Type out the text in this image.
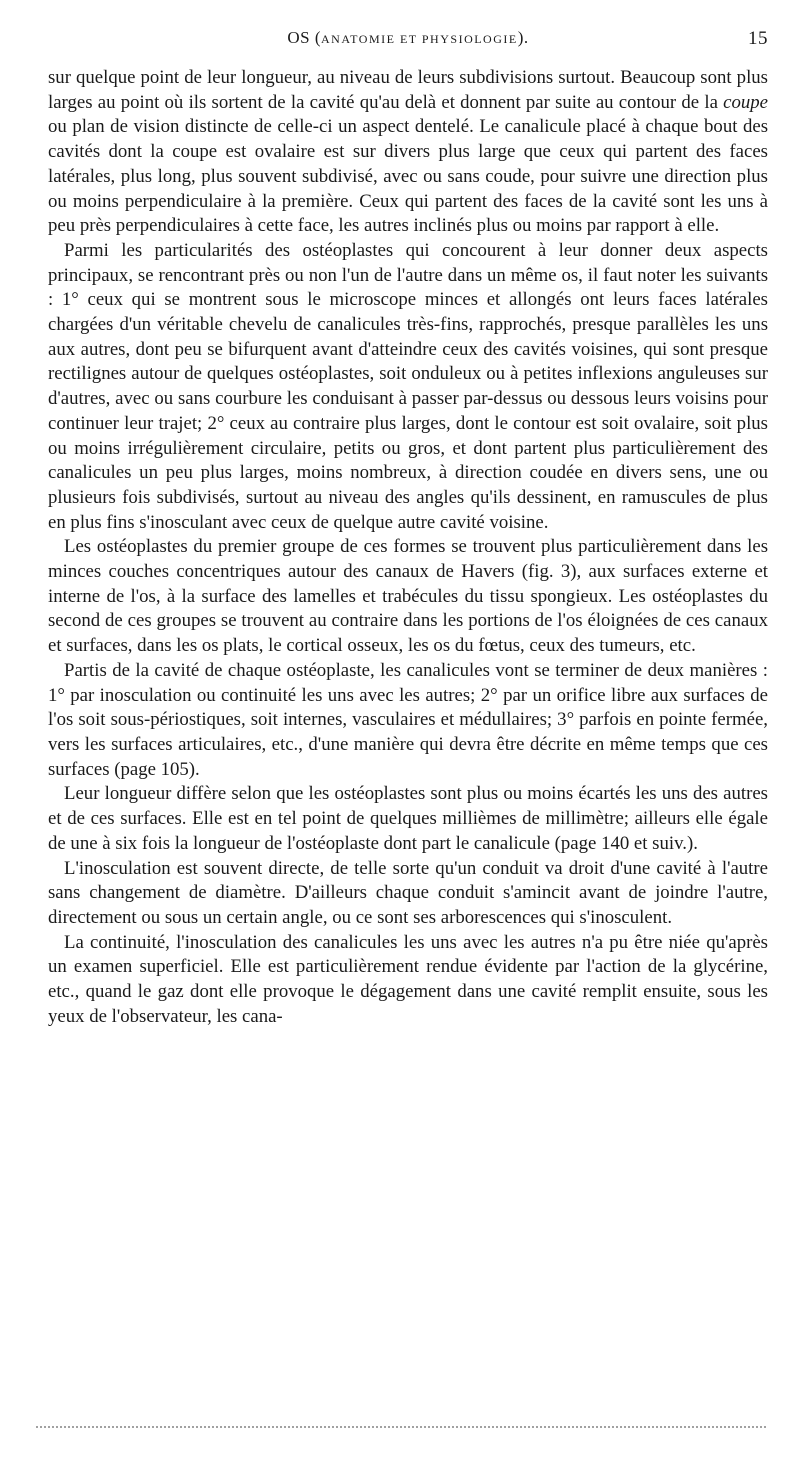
OS (ANATOMIE ET PHYSIOLOGIE).	15

sur quelque point de leur longueur, au niveau de leurs subdivisions surtout. Beaucoup sont plus larges au point où ils sortent de la cavité qu'au delà et donnent par suite au contour de la coupe ou plan de vision distincte de celle-ci un aspect dentelé. Le canalicule placé à chaque bout des cavités dont la coupe est ovalaire est sur divers plus large que ceux qui partent des faces latérales, plus long, plus souvent subdivisé, avec ou sans coude, pour suivre une direction plus ou moins perpendiculaire à la première. Ceux qui partent des faces de la cavité sont les uns à peu près perpendiculaires à cette face, les autres inclinés plus ou moins par rapport à elle.

Parmi les particularités des ostéoplastes qui concourent à leur donner deux aspects principaux, se rencontrant près ou non l'un de l'autre dans un même os, il faut noter les suivants : 1° ceux qui se montrent sous le microscope minces et allongés ont leurs faces latérales chargées d'un véritable chevelu de canalicules très-fins, rapprochés, presque parallèles les uns aux autres, dont peu se bifurquent avant d'atteindre ceux des cavités voisines, qui sont presque rectilignes autour de quelques ostéoplastes, soit onduleux ou à petites inflexions anguleuses sur d'autres, avec ou sans courbure les conduisant à passer par-dessus ou dessous leurs voisins pour continuer leur trajet; 2° ceux au contraire plus larges, dont le contour est soit ovalaire, soit plus ou moins irrégulièrement circulaire, petits ou gros, et dont partent plus particulièrement des canalicules un peu plus larges, moins nombreux, à direction coudée en divers sens, une ou plusieurs fois subdivisés, surtout au niveau des angles qu'ils dessinent, en ramuscules de plus en plus fins s'inosculant avec ceux de quelque autre cavité voisine.

Les ostéoplastes du premier groupe de ces formes se trouvent plus particulièrement dans les minces couches concentriques autour des canaux de Havers (fig. 3), aux surfaces externe et interne de l'os, à la surface des lamelles et trabécules du tissu spongieux. Les ostéoplastes du second de ces groupes se trouvent au contraire dans les portions de l'os éloignées de ces canaux et surfaces, dans les os plats, le cortical osseux, les os du fœtus, ceux des tumeurs, etc.

Partis de la cavité de chaque ostéoplaste, les canalicules vont se terminer de deux manières : 1° par inosculation ou continuité les uns avec les autres; 2° par un orifice libre aux surfaces de l'os soit sous-périostiques, soit internes, vasculaires et médullaires; 3° parfois en pointe fermée, vers les surfaces articulaires, etc., d'une manière qui devra être décrite en même temps que ces surfaces (page 105).

Leur longueur diffère selon que les ostéoplastes sont plus ou moins écartés les uns des autres et de ces surfaces. Elle est en tel point de quelques millièmes de millimètre; ailleurs elle égale de une à six fois la longueur de l'ostéoplaste dont part le canalicule (page 140 et suiv.).

L'inosculation est souvent directe, de telle sorte qu'un conduit va droit d'une cavité à l'autre sans changement de diamètre. D'ailleurs chaque conduit s'amincit avant de joindre l'autre, directement ou sous un certain angle, ou ce sont ses arborescences qui s'inosculent.

La continuité, l'inosculation des canalicules les uns avec les autres n'a pu être niée qu'après un examen superficiel. Elle est particulièrement rendue évidente par l'action de la glycérine, etc., quand le gaz dont elle provoque le dégagement dans une cavité remplit ensuite, sous les yeux de l'observateur, les cana-
